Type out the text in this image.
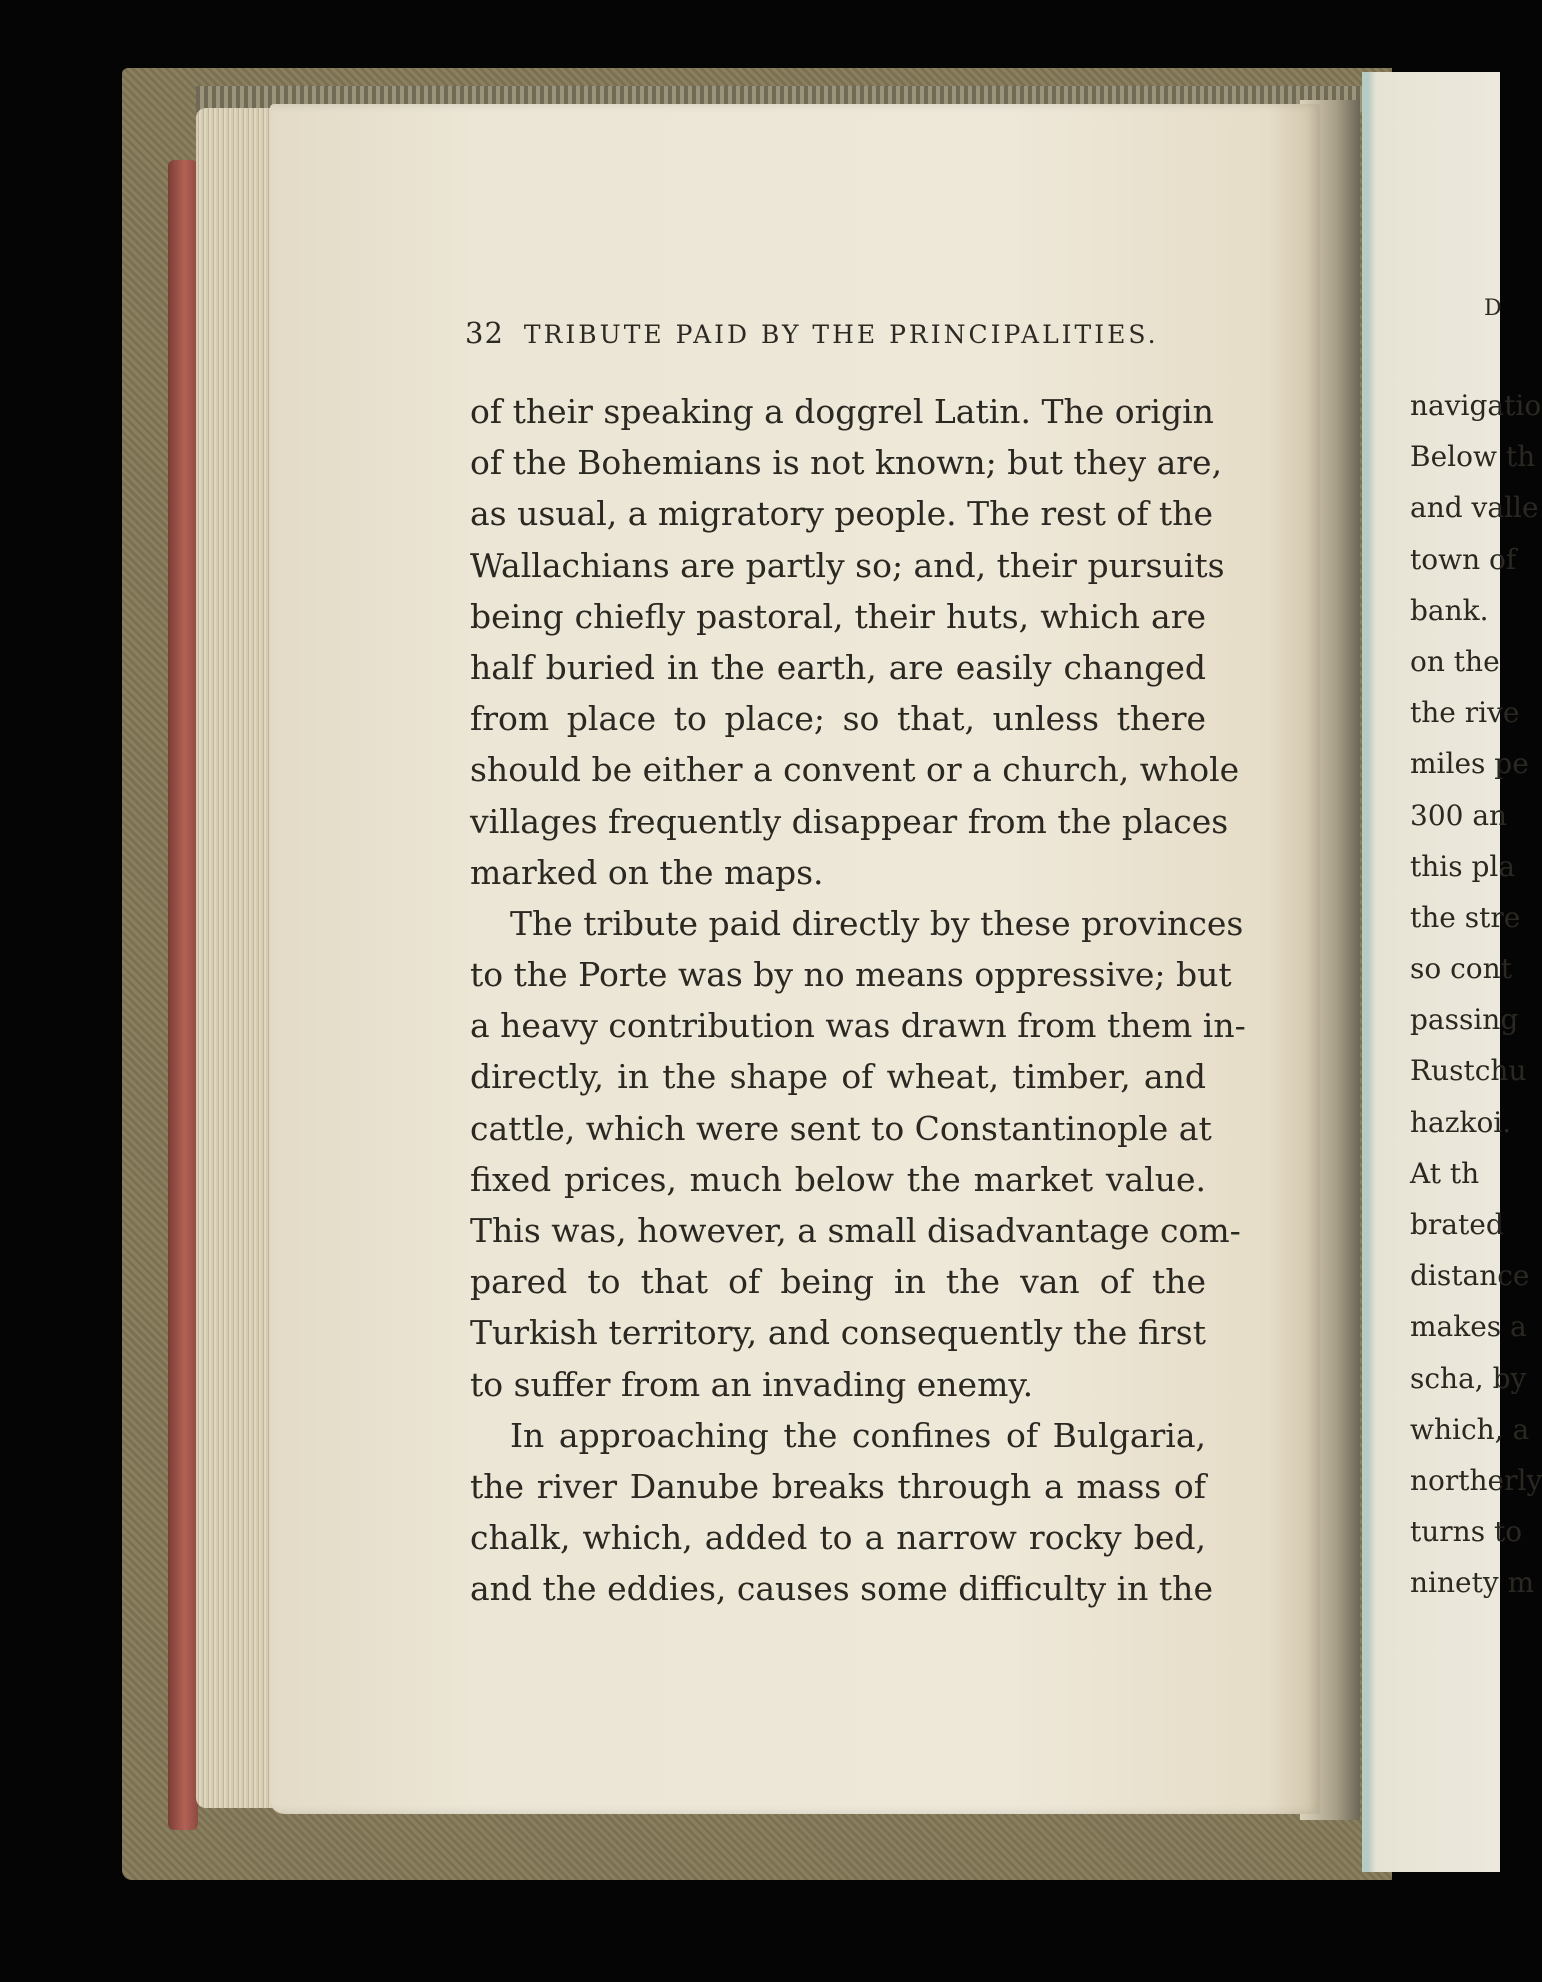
32 TRIBUTE PAID BY THE PRINCIPALITIES.
of their speaking a doggrel Latin. The origin
of the Bohemians is not known; but they are,
as usual, a migratory people. The rest of the
Wallachians are partly so; and, their pursuits
being chiefly pastoral, their huts, which are
half buried in the earth, are easily changed
from place to place; so that, unless there
should be either a convent or a church, whole
villages frequently disappear from the places
marked on the maps.
The tribute paid directly by these provinces
to the Porte was by no means oppressive; but
a heavy contribution was drawn from them in-
directly, in the shape of wheat, timber, and
cattle, which were sent to Constantinople at
fixed prices, much below the market value.
This was, however, a small disadvantage com-
pared to that of being in the van of the
Turkish territory, and consequently the first
to suffer from an invading enemy.
In approaching the confines of Bulgaria,
the river Danube breaks through a mass of
chalk, which, added to a narrow rocky bed,
and the eddies, causes some difficulty in the
D
navigatio
Below th
and valle
town of
bank.
on the
the rive
miles pe
300 an
this pla
the stre
so cont
passing
Rustchu
hazkoi.
At th
brated
distance
makes a
scha, by
which, a
northerly
turns to
ninety m
